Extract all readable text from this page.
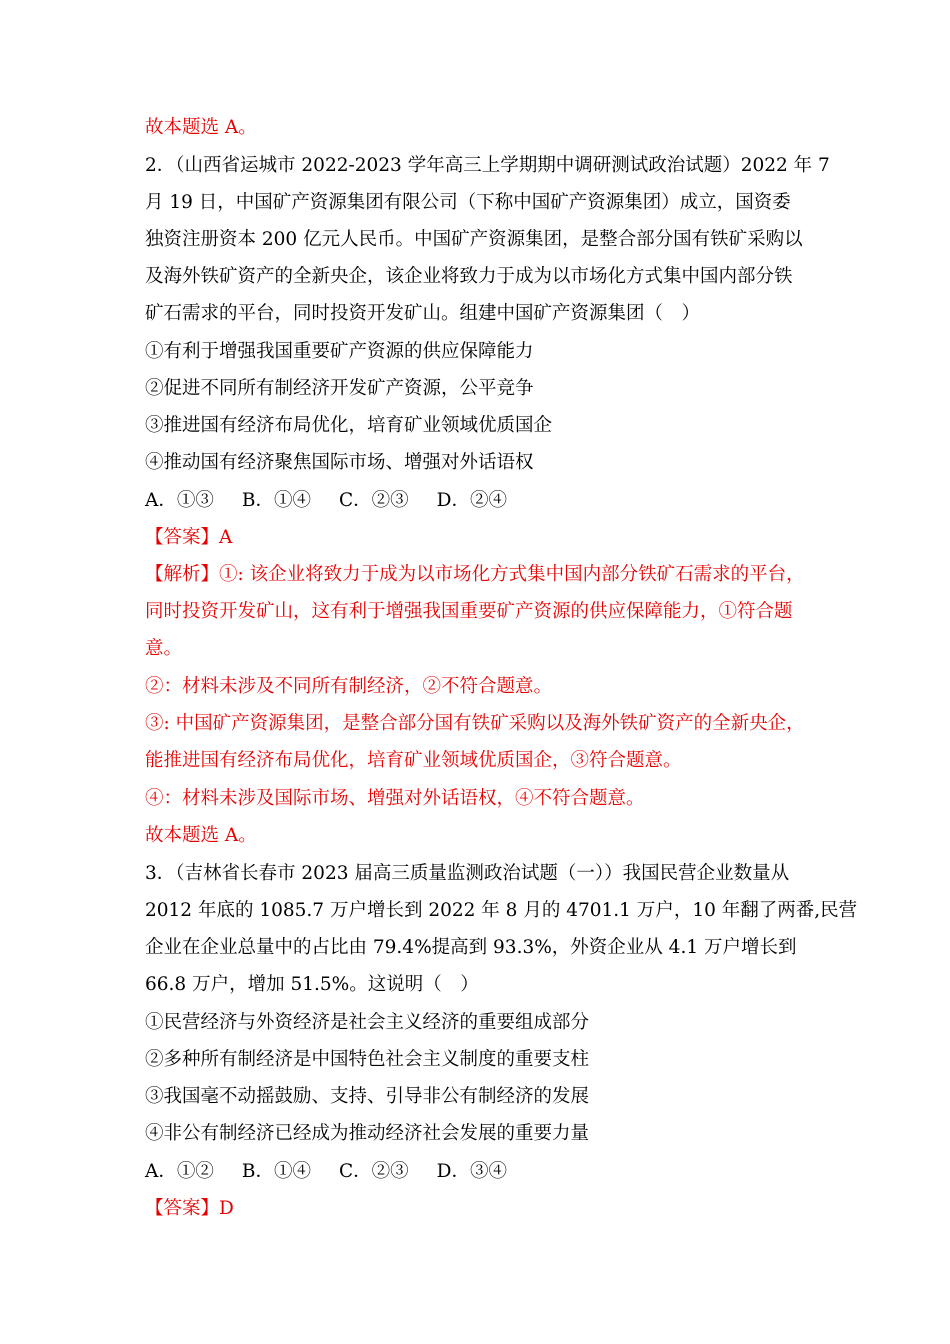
故本题选 A。
2．（山西省运城市 2022-2023 学年高三上学期期中调研测试政治试题）2022 年 7
月 19 日，中国矿产资源集团有限公司（下称中国矿产资源集团）成立，国资委
独资注册资本 200 亿元人民币。中国矿产资源集团，是整合部分国有铁矿采购以
及海外铁矿资产的全新央企，该企业将致力于成为以市场化方式集中国内部分铁
矿石需求的平台，同时投资开发矿山。组建中国矿产资源集团（　）
①有利于增强我国重要矿产资源的供应保障能力
②促进不同所有制经济开发矿产资源，公平竞争
③推进国有经济布局优化，培育矿业领域优质国企
④推动国有经济聚焦国际市场、增强对外话语权
A．①③ B．①④ C．②③ D．②④
【答案】A
【解析】①: 该企业将致力于成为以市场化方式集中国内部分铁矿石需求的平台，
同时投资开发矿山，这有利于增强我国重要矿产资源的供应保障能力，①符合题
意。
②：材料未涉及不同所有制经济，②不符合题意。
③: 中国矿产资源集团，是整合部分国有铁矿采购以及海外铁矿资产的全新央企，
能推进国有经济布局优化，培育矿业领域优质国企，③符合题意。
④：材料未涉及国际市场、增强对外话语权，④不符合题意。
故本题选 A。
3．（吉林省长春市 2023 届高三质量监测政治试题（一））我国民营企业数量从
2012 年底的 1085.7 万户增长到 2022 年 8 月的 4701.1 万户，10 年翻了两番,民营
企业在企业总量中的占比由 79.4%提高到 93.3%，外资企业从 4.1 万户增长到
66.8 万户，增加 51.5%。这说明（　）
①民营经济与外资经济是社会主义经济的重要组成部分
②多种所有制经济是中国特色社会主义制度的重要支柱
③我国毫不动摇鼓励、支持、引导非公有制经济的发展
④非公有制经济已经成为推动经济社会发展的重要力量
A．①② B．①④ C．②③ D．③④
【答案】D
